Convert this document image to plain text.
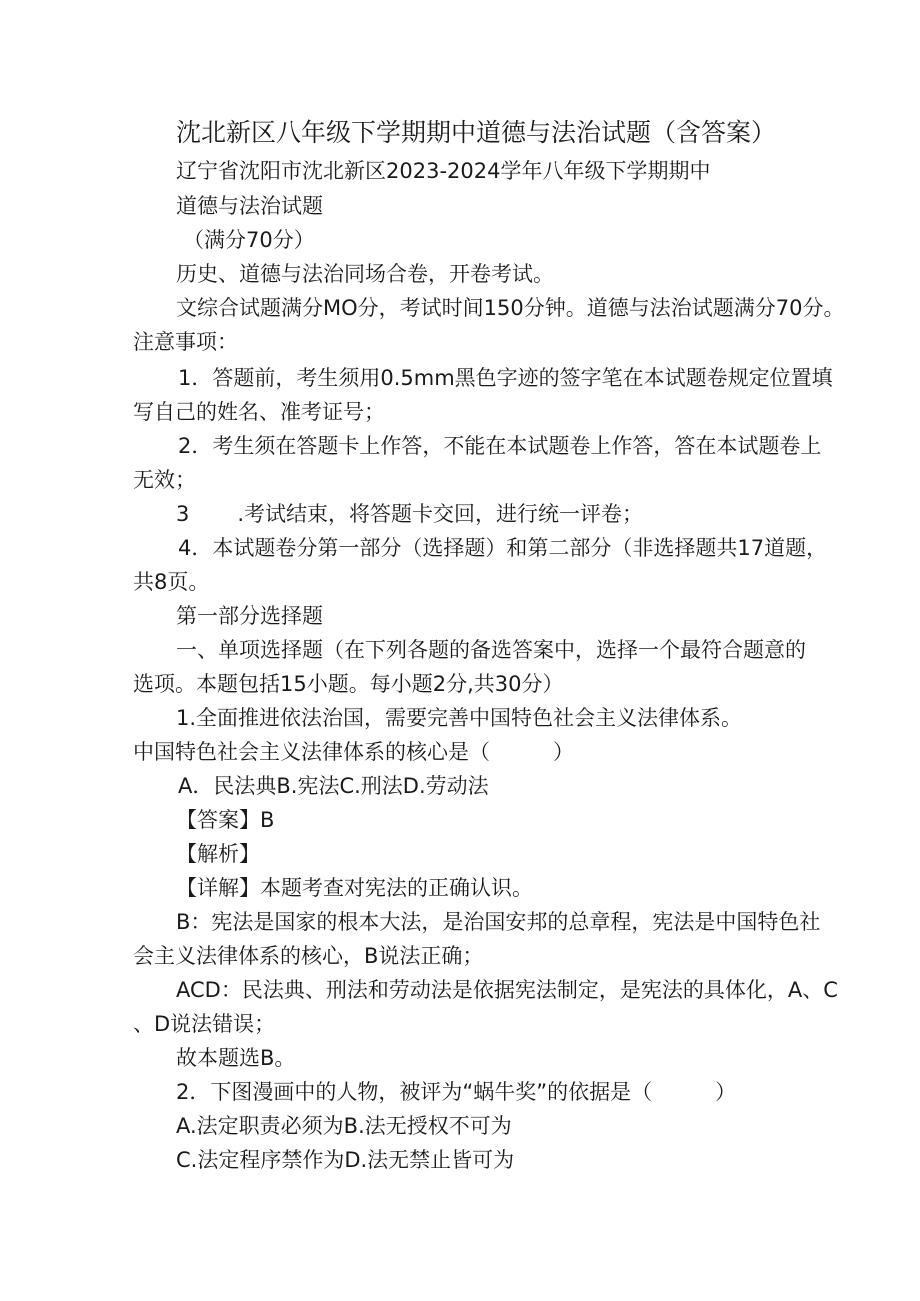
沈北新区八年级下学期期中道德与法治试题（含答案）
辽宁省沈阳市沈北新区2023-2024学年八年级下学期期中
道德与法治试题
（满分70分）
历史、道德与法治同场合卷，开卷考试。
文综合试题满分MO分，考试时间150分钟。道德与法治试题满分70分。
注意事项：
1．答题前，考生须用0.5mm黑色字迹的签字笔在本试题卷规定位置填
写自己的姓名、准考证号；
2．考生须在答题卡上作答，不能在本试题卷上作答，答在本试题卷上
无效；
3 .考试结束，将答题卡交回，进行统一评卷；
4．本试题卷分第一部分（选择题）和第二部分（非选择题共17道题，
共8页。
第一部分选择题
一、单项选择题（在下列各题的备选答案中，选择一个最符合题意的
选项。本题包括15小题。每小题2分,共30分）
1.全面推进依法治国，需要完善中国特色社会主义法律体系。
中国特色社会主义法律体系的核心是（　　　）
A．民法典B.宪法C.刑法D.劳动法
【答案】B
【解析】
【详解】本题考查对宪法的正确认识。
B：宪法是国家的根本大法，是治国安邦的总章程，宪法是中国特色社
会主义法律体系的核心，B说法正确；
ACD：民法典、刑法和劳动法是依据宪法制定，是宪法的具体化，A、C
、D说法错误；
故本题选B。
2．下图漫画中的人物，被评为“蜗牛奖”的依据是（　　　）
A.法定职责必须为B.法无授权不可为
C.法定程序禁作为D.法无禁止皆可为
